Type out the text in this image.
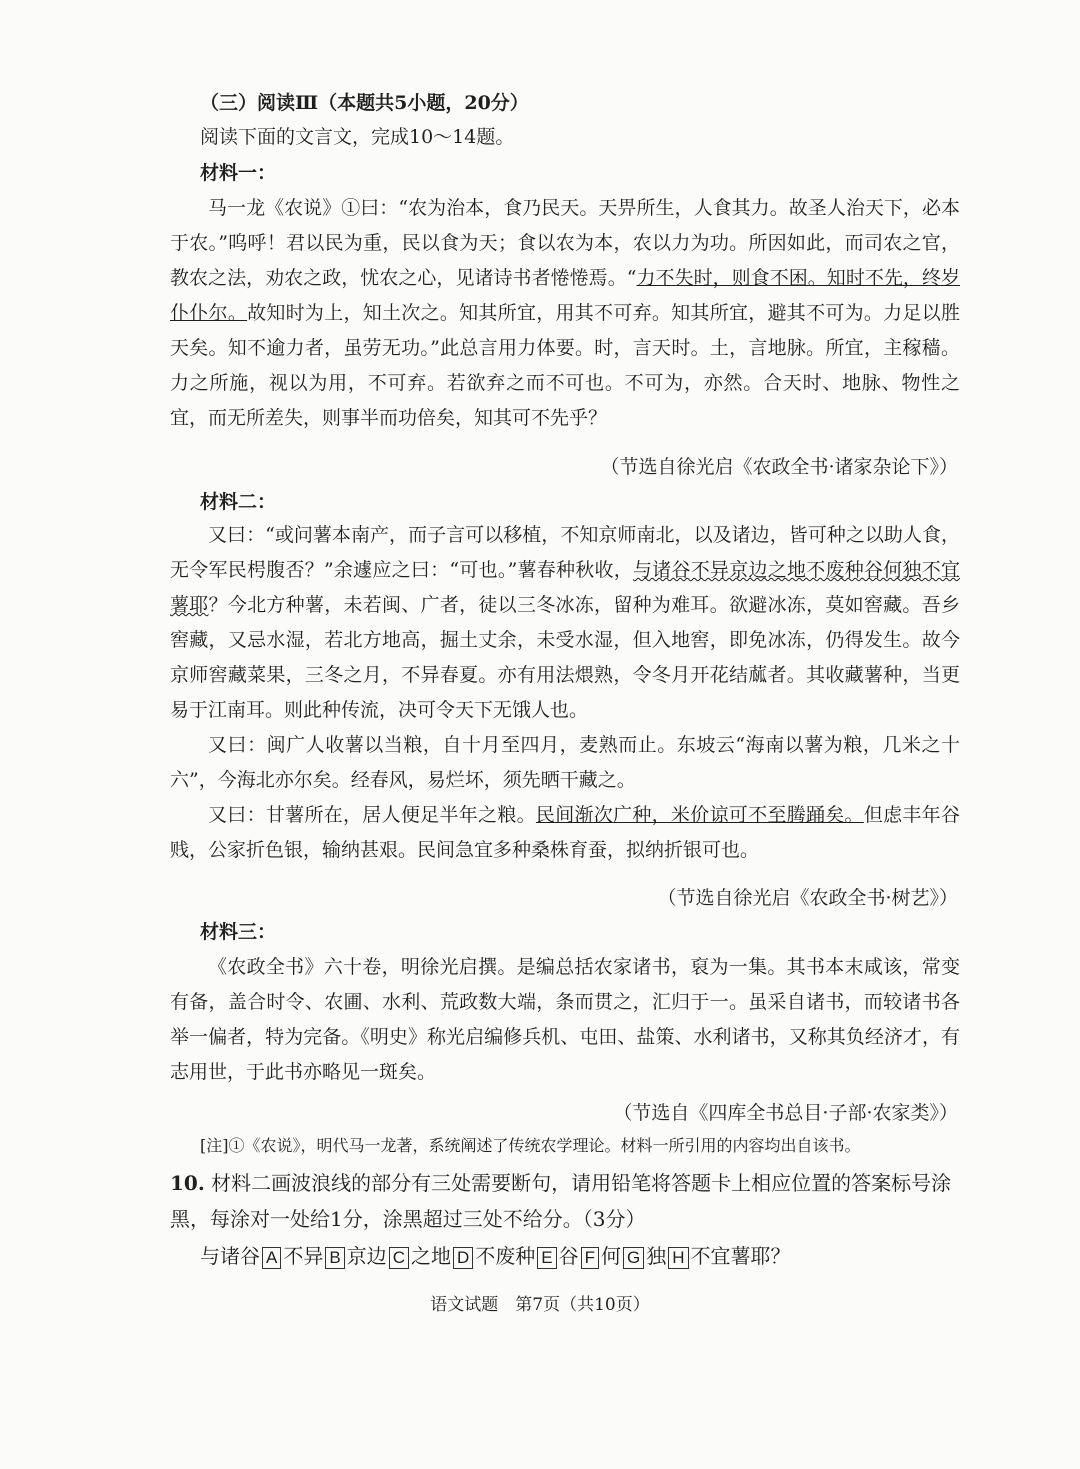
（三）阅读Ⅲ（本题共5小题，20分）
阅读下面的文言文，完成10～14题。
材料一：

马一龙《农说》①曰：“农为治本，食乃民天。天畀所生，人食其力。故圣人治天下，必本于农。”呜呼！君以民为重，民以食为天；食以农为本，农以力为功。所因如此，而司农之官，教农之法，劝农之政，忧农之心，见诸诗书者惓惓焉。“力不失时，则食不困。知时不先，终岁仆仆尔。故知时为上，知土次之。知其所宜，用其不可弃。知其所宜，避其不可为。力足以胜天矣。知不逾力者，虽劳无功。”此总言用力体要。时，言天时。土，言地脉。所宜，主稼穑。力之所施，视以为用，不可弃。若欲弃之而不可也。不可为，亦然。合天时、地脉、物性之宜，而无所差失，则事半而功倍矣，知其可不先乎？

（节选自徐光启《农政全书·诸家杂论下》）
材料二：

又曰：“或问薯本南产，而子言可以移植，不知京师南北，以及诸边，皆可种之以助人食，无令军民枵腹否？”余遽应之曰：“可也。”薯春种秋收，与诸谷不异京边之地不废种谷何独不宜薯耶？今北方种薯，未若闽、广者，徒以三冬冰冻，留种为难耳。欲避冰冻，莫如窖藏。吾乡窖藏，又忌水湿，若北方地高，掘土丈余，未受水湿，但入地窖，即免冰冻，仍得发生。故今京师窖藏菜果，三冬之月，不异春夏。亦有用法煨熟，令冬月开花结蓏者。其收藏薯种，当更易于江南耳。则此种传流，决可令天下无饿人也。

又曰：闽广人收薯以当粮，自十月至四月，麦熟而止。东坡云“海南以薯为粮，几米之十六”，今海北亦尔矣。经春风，易烂坏，须先晒干藏之。

又曰：甘薯所在，居人便足半年之粮。民间渐次广种，米价谅可不至腾踊矣。但虑丰年谷贱，公家折色银，输纳甚艰。民间急宜多种桑株育蚕，拟纳折银可也。

（节选自徐光启《农政全书·树艺》）
材料三：

《农政全书》六十卷，明徐光启撰。是编总括农家诸书，裒为一集。其书本末咸该，常变有备，盖合时令、农圃、水利、荒政数大端，条而贯之，汇归于一。虽采自诸书，而较诸书各举一偏者，特为完备。《明史》称光启编修兵机、屯田、盐策、水利诸书，又称其负经济才，有志用世，于此书亦略见一斑矣。

（节选自《四库全书总目·子部·农家类》）
[注]①《农说》，明代马一龙著，系统阐述了传统农学理论。材料一所引用的内容均出自该书。
10. 材料二画波浪线的部分有三处需要断句，请用铅笔将答题卡上相应位置的答案标号涂黑，每涂对一处给1分，涂黑超过三处不给分。（3分）
与诸谷 A 不异 B 京边 C 之地 D 不废种 E 谷 F 何 G 独 H 不宜薯耶？
语文试题　第7页（共10页）
